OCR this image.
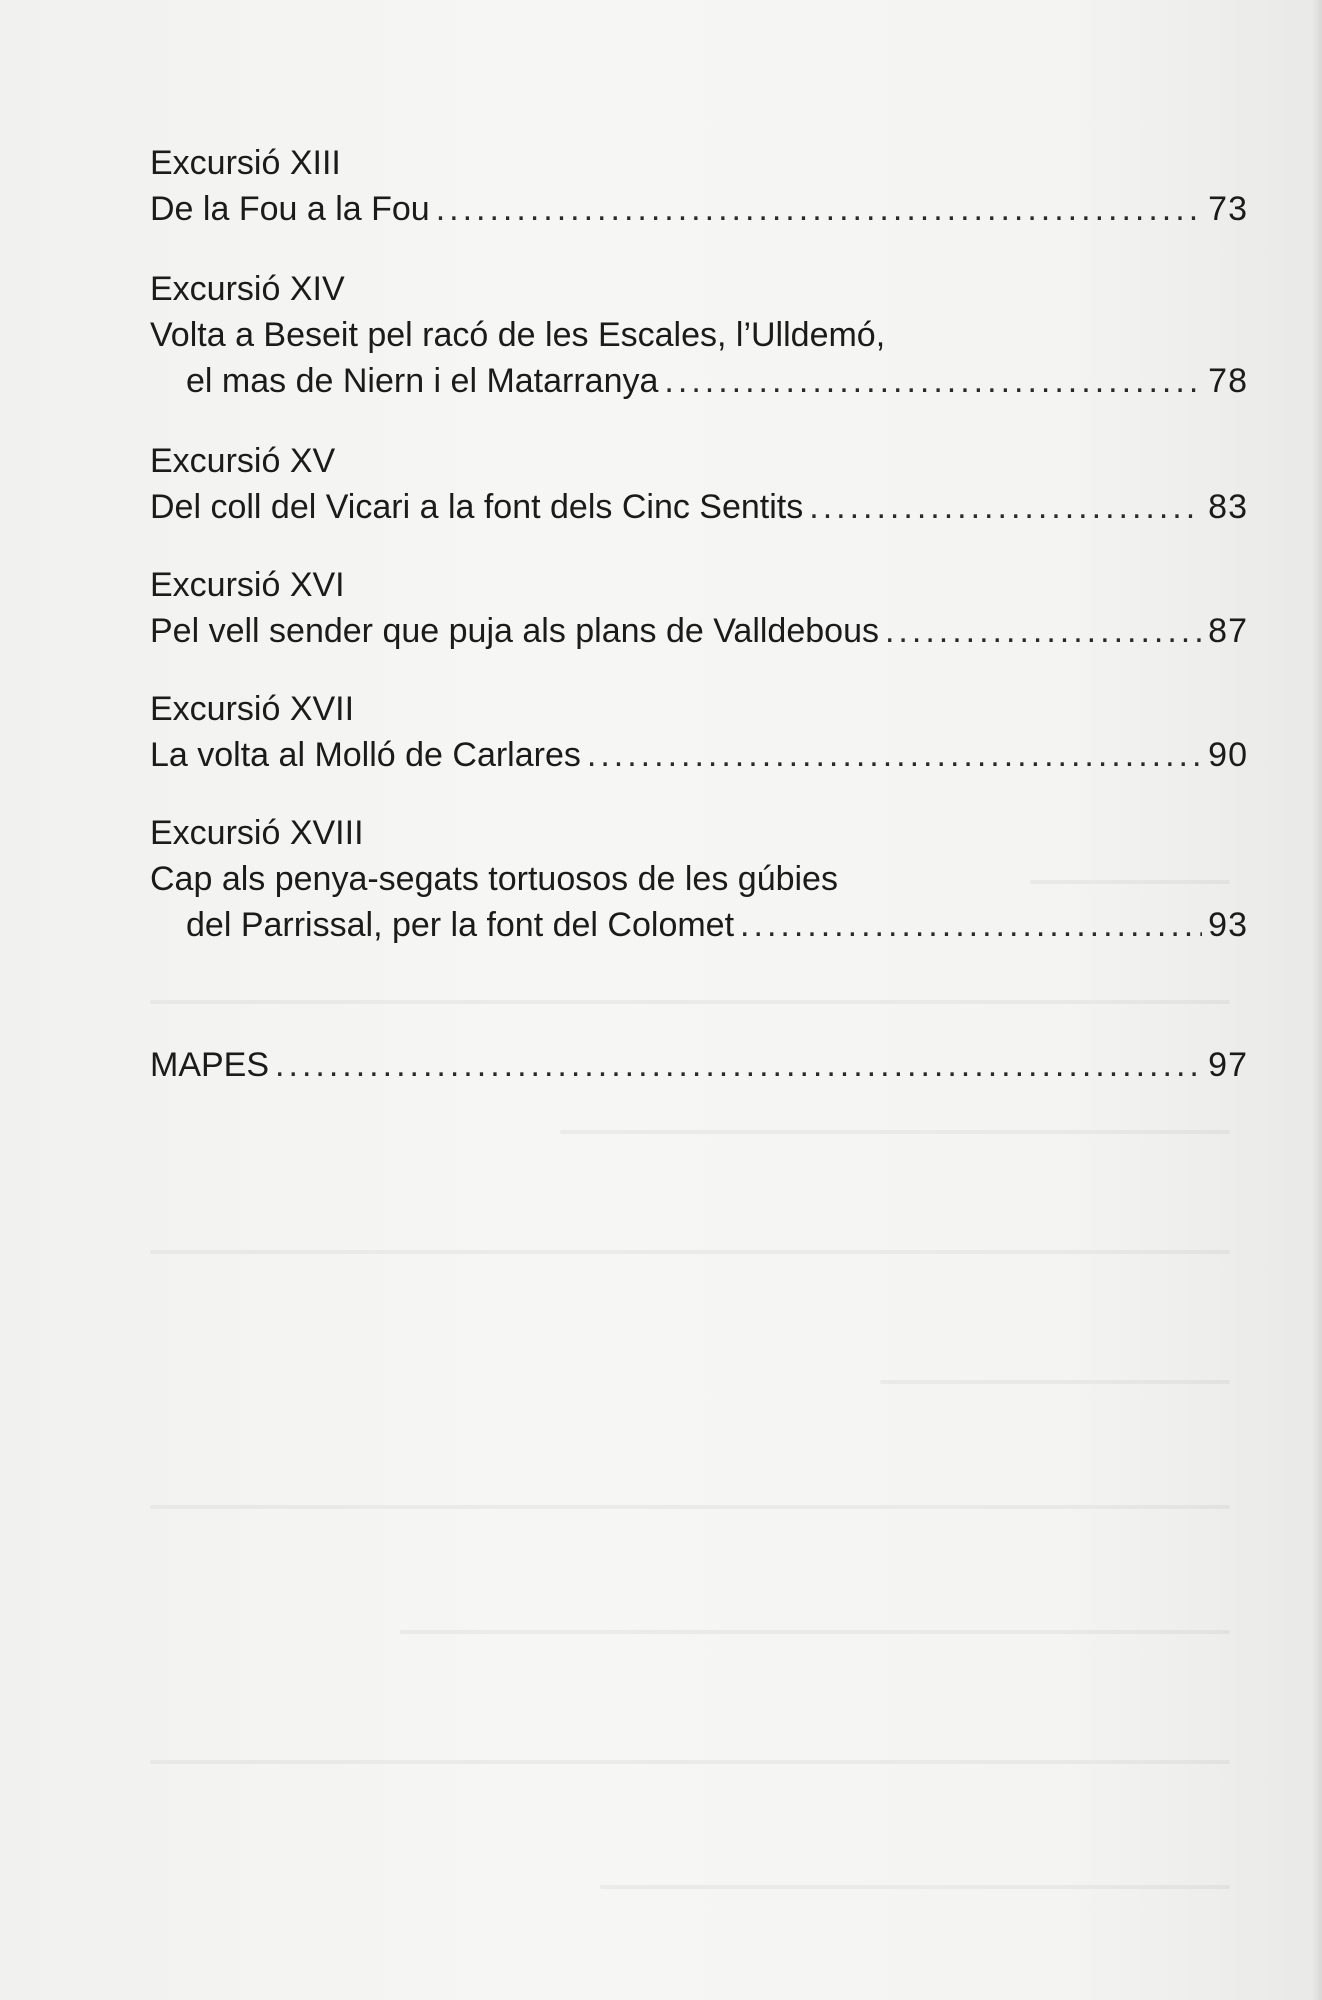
Excursió XIII
De la Fou a la Fou .....	73
Excursió XIV
Volta a Beseit pel racó de les Escales, l’Ulldemó,
el mas de Niern i el Matarranya .....	78
Excursió XV
Del coll del Vicari a la font dels Cinc Sentits .....	83
Excursió XVI
Pel vell sender que puja als plans de Valldebous .....	87
Excursió XVII
La volta al Molló de Carlares .....	90
Excursió XVIII
Cap als penya-segats tortuosos de les gúbies
del Parrissal, per la font del Colomet .....	93
MAPES .....	97
